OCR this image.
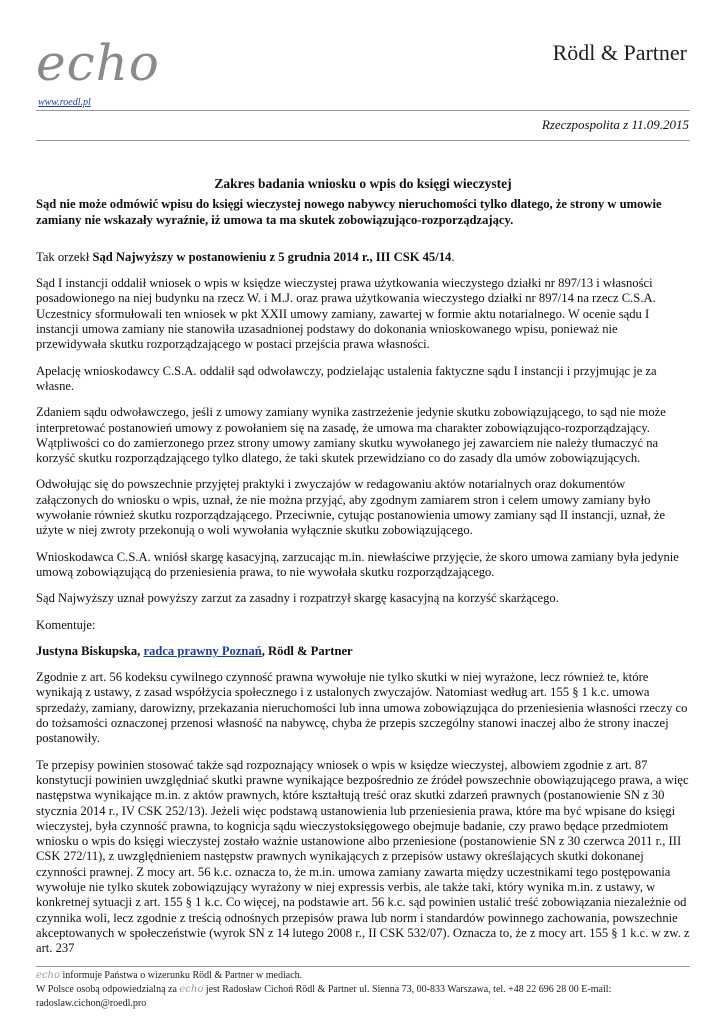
echo
www.roedl.pl
Rödl & Partner
Rzeczpospolita z 11.09.2015

Zakres badania wniosku o wpis do księgi wieczystej

Sąd nie może odmówić wpisu do księgi wieczystej nowego nabywcy nieruchomości tylko dlatego, że strony w umowie zamiany nie wskazały wyraźnie, iż umowa ta ma skutek zobowiązująco-rozporządzający.

Tak orzekł Sąd Najwyższy w postanowieniu z 5 grudnia 2014 r., III CSK 45/14.

Sąd I instancji oddalił wniosek o wpis w księdze wieczystej prawa użytkowania wieczystego działki nr 897/13 i własności posadowionego na niej budynku na rzecz W. i M.J. oraz prawa użytkowania wieczystego działki nr 897/14 na rzecz C.S.A. Uczestnicy sformułowali ten wniosek w pkt XXII umowy zamiany, zawartej w formie aktu notarialnego. W ocenie sądu I instancji umowa zamiany nie stanowiła uzasadnionej podstawy do dokonania wnioskowanego wpisu, ponieważ nie przewidywała skutku rozporządzającego w postaci przejścia prawa własności.

Apelację wnioskodawcy C.S.A. oddalił sąd odwoławczy, podzielając ustalenia faktyczne sądu I instancji i przyjmując je za własne.

Zdaniem sądu odwoławczego, jeśli z umowy zamiany wynika zastrzeżenie jedynie skutku zobowiązującego, to sąd nie może interpretować postanowień umowy z powołaniem się na zasadę, że umowa ma charakter zobowiązująco-rozporządzający. Wątpliwości co do zamierzonego przez strony umowy zamiany skutku wywołanego jej zawarciem nie należy tłumaczyć na korzyść skutku rozporządzającego tylko dlatego, że taki skutek przewidziano co do zasady dla umów zobowiązujących.

Odwołując się do powszechnie przyjętej praktyki i zwyczajów w redagowaniu aktów notarialnych oraz dokumentów załączonych do wniosku o wpis, uznał, że nie można przyjąć, aby zgodnym zamiarem stron i celem umowy zamiany było wywołanie również skutku rozporządzającego. Przeciwnie, cytując postanowienia umowy zamiany sąd II instancji, uznał, że użyte w niej zwroty przekonują o woli wywołania wyłącznie skutku zobowiązującego.

Wnioskodawca C.S.A. wniósł skargę kasacyjną, zarzucając m.in. niewłaściwe przyjęcie, że skoro umowa zamiany była jedynie umową zobowiązującą do przeniesienia prawa, to nie wywołała skutku rozporządzającego.

Sąd Najwyższy uznał powyższy zarzut za zasadny i rozpatrzył skargę kasacyjną na korzyść skarżącego.

Komentuje:

Justyna Biskupska, radca prawny Poznań, Rödl & Partner

Zgodnie z art. 56 kodeksu cywilnego czynność prawna wywołuje nie tylko skutki w niej wyrażone, lecz również te, które wynikają z ustawy, z zasad współżycia społecznego i z ustalonych zwyczajów. Natomiast według art. 155 § 1 k.c. umowa sprzedaży, zamiany, darowizny, przekazania nieruchomości lub inna umowa zobowiązująca do przeniesienia własności rzeczy co do tożsamości oznaczonej przenosi własność na nabywcę, chyba że przepis szczególny stanowi inaczej albo że strony inaczej postanowiły.

Te przepisy powinien stosować także sąd rozpoznający wniosek o wpis w księdze wieczystej, albowiem zgodnie z art. 87 konstytucji powinien uwzględniać skutki prawne wynikające bezpośrednio ze źródeł powszechnie obowiązującego prawa, a więc następstwa wynikające m.in. z aktów prawnych, które kształtują treść oraz skutki zdarzeń prawnych (postanowienie SN z 30 stycznia 2014 r., IV CSK 252/13). Jeżeli więc podstawą ustanowienia lub przeniesienia prawa, które ma być wpisane do księgi wieczystej, była czynność prawna, to kognicja sądu wieczystoksięgowego obejmuje badanie, czy prawo będące przedmiotem wniosku o wpis do księgi wieczystej zostało ważnie ustanowione albo przeniesione (postanowienie SN z 30 czerwca 2011 r., III CSK 272/11), z uwzględnieniem następstw prawnych wynikających z przepisów ustawy określających skutki dokonanej czynności prawnej. Z mocy art. 56 k.c. oznacza to, że m.in. umowa zamiany zawarta między uczestnikami tego postępowania wywołuje nie tylko skutek zobowiązujący wyrażony w niej expressis verbis, ale także taki, który wynika m.in. z ustawy, w konkretnej sytuacji z art. 155 § 1 k.c. Co więcej, na podstawie art. 56 k.c. sąd powinien ustalić treść zobowiązania niezależnie od czynnika woli, lecz zgodnie z treścią odnośnych przepisów prawa lub norm i standardów powinnego zachowania, powszechnie akceptowanych w społeczeństwie (wyrok SN z 14 lutego 2008 r., II CSK 532/07). Oznacza to, że z mocy art. 155 § 1 k.c. w zw. z art. 237

echo informuje Państwa o wizerunku Rödl & Partner w mediach.
W Polsce osobą odpowiedzialną za echo jest Radosław Cichoń Rödl & Partner ul. Sienna 73, 00-833 Warszawa, tel. +48 22 696 28 00 E-mail: radoslaw.cichon@roedl.pro
